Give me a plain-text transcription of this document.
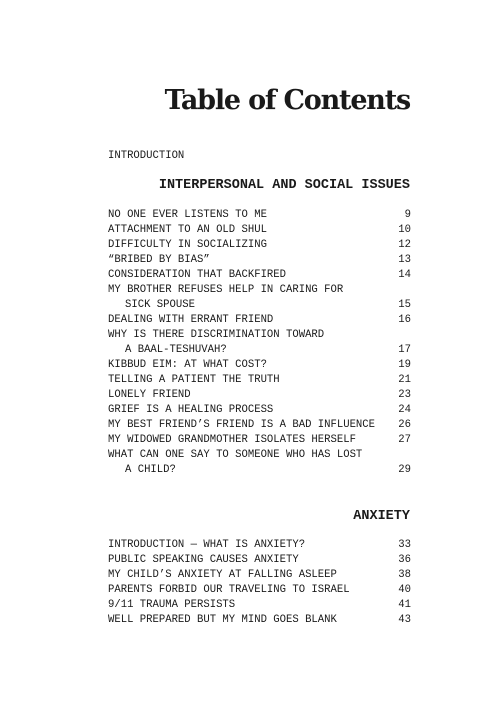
Table of Contents
INTRODUCTION
INTERPERSONAL AND SOCIAL ISSUES
NO ONE EVER LISTENS TO ME	9
ATTACHMENT TO AN OLD SHUL	10
DIFFICULTY IN SOCIALIZING	12
“BRIBED BY BIAS”	13
CONSIDERATION THAT BACKFIRED	14
MY BROTHER REFUSES HELP IN CARING FOR
SICK SPOUSE	15
DEALING WITH ERRANT FRIEND	16
WHY IS THERE DISCRIMINATION TOWARD
A BAAL-TESHUVAH?	17
KIBBUD EIM: AT WHAT COST?	19
TELLING A PATIENT THE TRUTH	21
LONELY FRIEND	23
GRIEF IS A HEALING PROCESS	24
MY BEST FRIEND’S FRIEND IS A BAD INFLUENCE 26
MY WIDOWED GRANDMOTHER ISOLATES HERSELF	27
WHAT CAN ONE SAY TO SOMEONE WHO HAS LOST
A CHILD?	29
ANXIETY
INTRODUCTION — WHAT IS ANXIETY?	33
PUBLIC SPEAKING CAUSES ANXIETY	36
MY CHILD’S ANXIETY AT FALLING ASLEEP	38
PARENTS FORBID OUR TRAVELING TO ISRAEL	40
9/11 TRAUMA PERSISTS	41
WELL PREPARED BUT MY MIND GOES BLANK	43
